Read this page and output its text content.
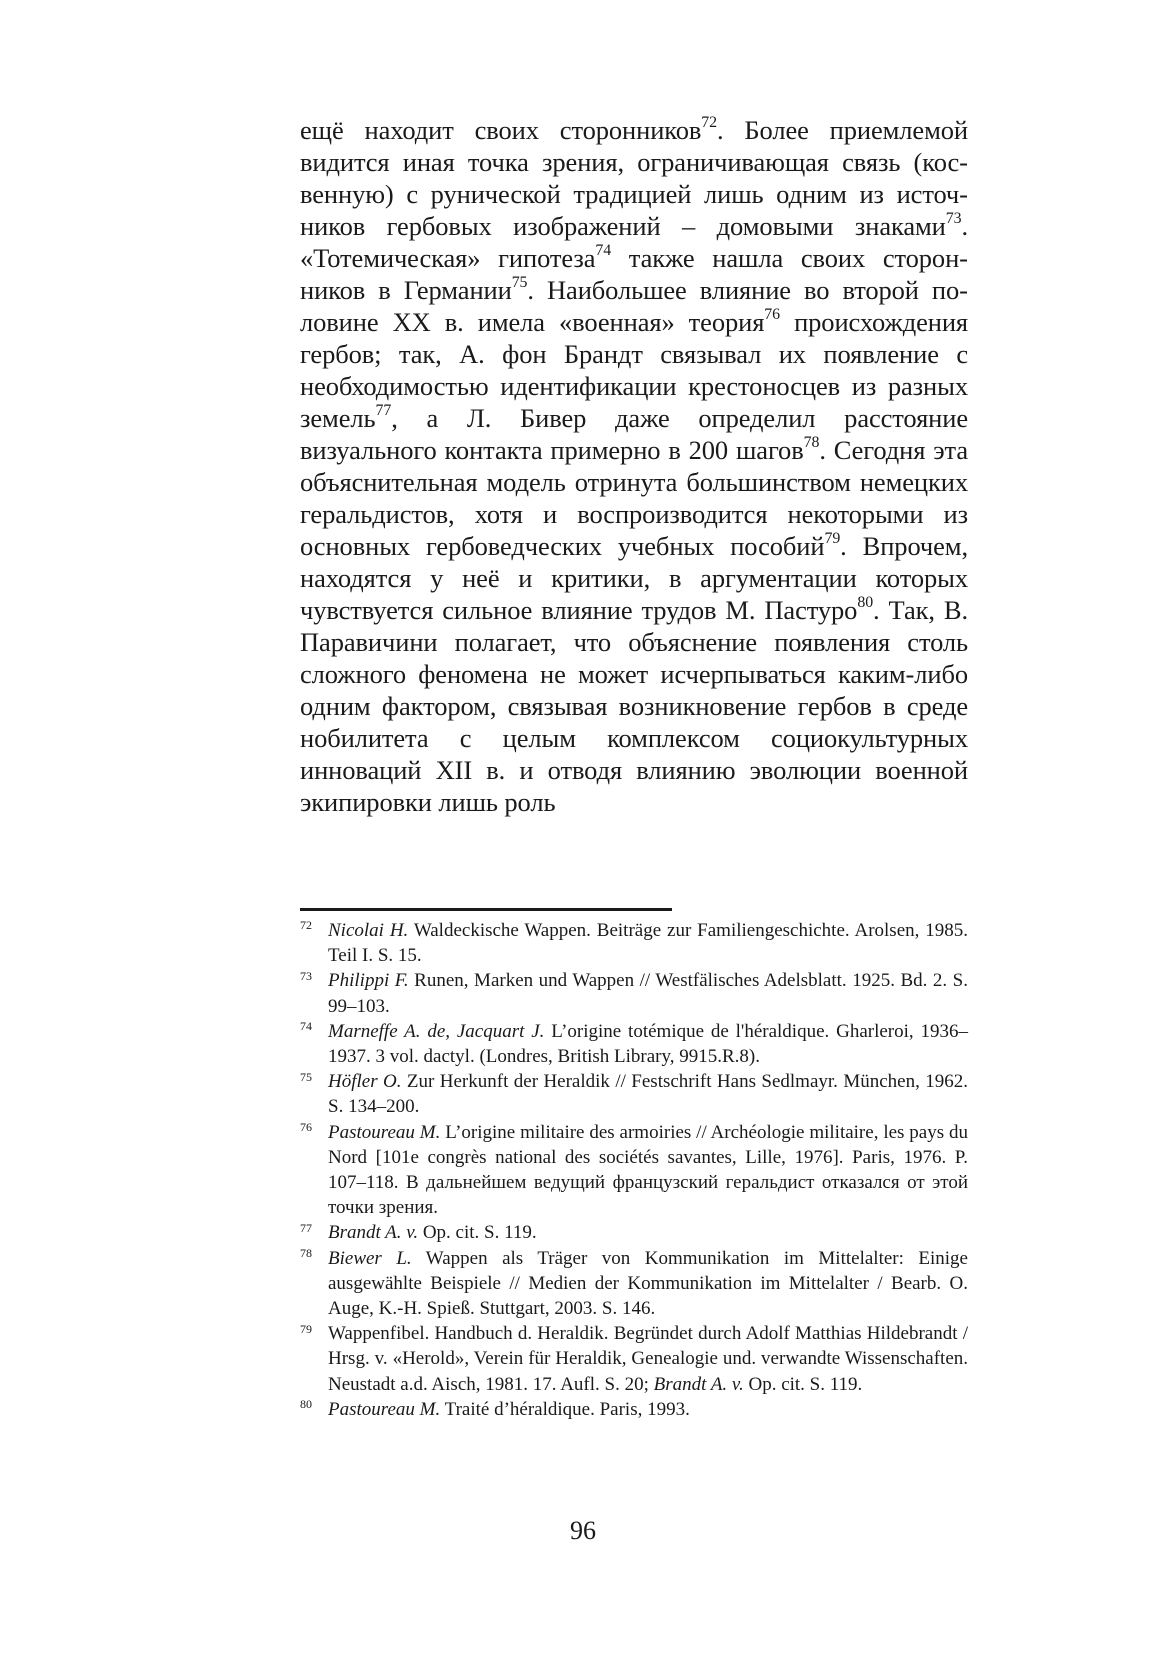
ещё находит своих сторонников$^{72}$. Более приемлемой видится иная точка зрения, ограничивающая связь (косвенную) с рунической традицией лишь одним из источников гербовых изображений – домовыми знаками$^{73}$. «Тотемическая» гипотеза$^{74}$ также нашла своих сторонников в Германии$^{75}$. Наибольшее влияние во второй половине XX в. имела «военная» теория$^{76}$ происхождения гербов; так, А. фон Брандт связывал их появление с необходимостью идентификации крестоносцев из разных земель$^{77}$, а Л. Бивер даже определил расстояние визуального контакта примерно в 200 шагов$^{78}$. Сегодня эта объяснительная модель отринута большинством немецких геральдистов, хотя и воспроизводится некоторыми из основных гербоведческих учебных пособий$^{79}$. Впрочем, находятся у неё и критики, в аргументации которых чувствуется сильное влияние трудов М. Пастуро$^{80}$. Так, В. Паравичини полагает, что объяснение появления столь сложного феномена не может исчерпываться каким-либо одним фактором, связывая возникновение гербов в среде нобилитета с целым комплексом социокультурных инноваций XII в. и отводя влиянию эволюции военной экипировки лишь роль

72 Nicolai H. Waldeckische Wappen. Beiträge zur Familiengeschichte. Arolsen, 1985. Teil I. S. 15.
73 Philippi F. Runen, Marken und Wappen // Westfälisches Adelsblatt. 1925. Bd. 2. S. 99–103.
74 Marneffe A. de, Jacquart J. L’origine totémique de l'héraldique. Gharleroi, 1936–1937. 3 vol. dactyl. (Londres, British Library, 9915.R.8).
75 Höfler O. Zur Herkunft der Heraldik // Festschrift Hans Sedlmayr. München, 1962. S. 134–200.
76 Pastoureau M. L’origine militaire des armoiries // Archéologie militaire, les pays du Nord [101e congrès national des sociétés savantes, Lille, 1976]. Paris, 1976. P. 107–118. В дальнейшем ведущий французский геральдист отказался от этой точки зрения.
77 Brandt A. v. Op. cit. S. 119.
78 Biewer L. Wappen als Träger von Kommunikation im Mittelalter: Einige ausgewählte Beispiele // Medien der Kommunikation im Mittelalter / Bearb. O. Auge, K.-H. Spieß. Stuttgart, 2003. S. 146.
79 Wappenfibel. Handbuch d. Heraldik. Begründet durch Adolf Matthias Hildebrandt / Hrsg. v. «Herold», Verein für Heraldik, Genealogie und. verwandte Wissenschaften. Neustadt a.d. Aisch, 1981. 17. Aufl. S. 20; Brandt A. v. Op. cit. S. 119.
80 Pastoureau M. Traité d’héraldique. Paris, 1993.
96
